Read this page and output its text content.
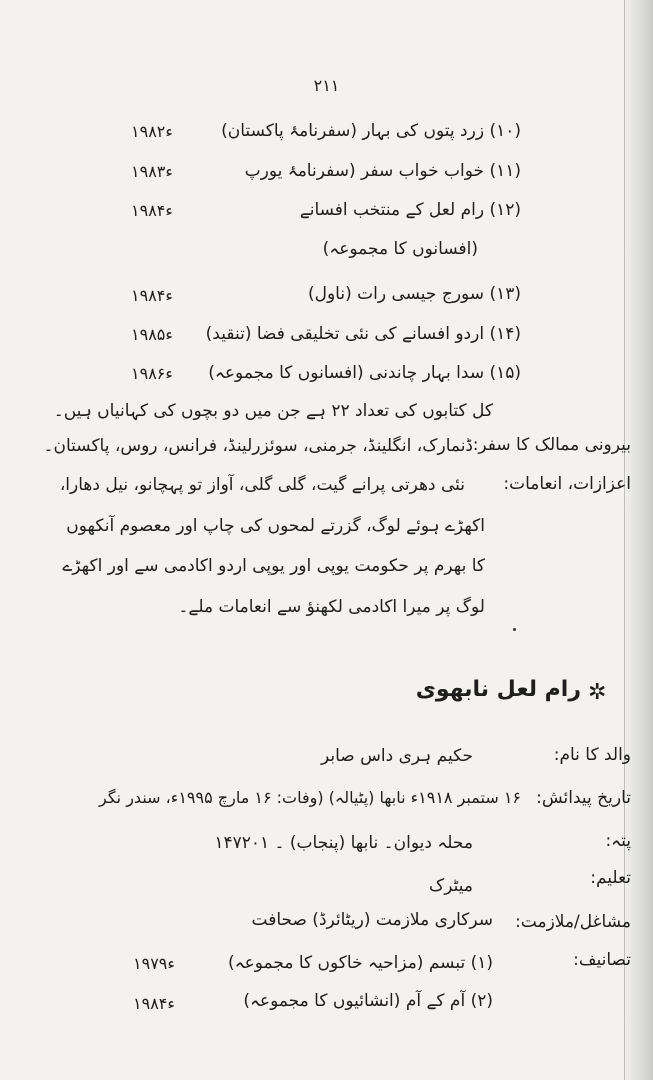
۲۱۱
(۱۰) زرد پتوں کی بہار (سفرنامۂ پاکستان)
۱۹۸۲ء
(۱۱) خواب خواب سفر (سفرنامۂ یورپ
۱۹۸۳ء
(۱۲) رام لعل کے منتخب افسانے
۱۹۸۴ء
(افسانوں کا مجموعہ)
(۱۳) سورج جیسی رات (ناول)
۱۹۸۴ء
(۱۴) اردو افسانے کی نئی تخلیقی فضا (تنقید)
۱۹۸۵ء
(۱۵) سدا بہار چاندنی (افسانوں کا مجموعہ)
۱۹۸۶ء
کل کتابوں کی تعداد ۲۲ ہے جن میں دو بچوں کی کہانیاں ہیں۔
بیرونی ممالک کا سفر:
ڈنمارک، انگلینڈ، جرمنی، سوئزرلینڈ، فرانس، روس، پاکستان۔
اعزازات، انعامات:
نئی دھرتی پرانے گیت، گلی گلی، آواز تو پہچانو، نیل دھارا،
اکھڑے ہوئے لوگ، گزرتے لمحوں کی چاپ اور معصوم آنکھوں
کا بھرم پر حکومت یوپی اور یوپی اردو اکادمی سے اور اکھڑے
لوگ پر میرا اکادمی لکھنؤ سے انعامات ملے۔
✲
رام لعل نابھوی
والد کا نام:
حکیم ہری داس صابر
تاریخ پیدائش:
۱۶ ستمبر ۱۹۱۸ء نابھا (پٹیالہ) (وفات: ۱۶ مارچ ۱۹۹۵ء، سندر نگر
پتہ:
محلہ دیوان۔ نابھا (پنجاب) ۔ ۱۴۷۲۰۱
تعلیم:
میٹرک
مشاغل/ملازمت:
سرکاری ملازمت (ریٹائرڈ) صحافت
تصانیف:
(۱) تبسم (مزاحیہ خاکوں کا مجموعہ)
۱۹۷۹ء
(۲) آم کے آم (انشائیوں کا مجموعہ)
۱۹۸۴ء
